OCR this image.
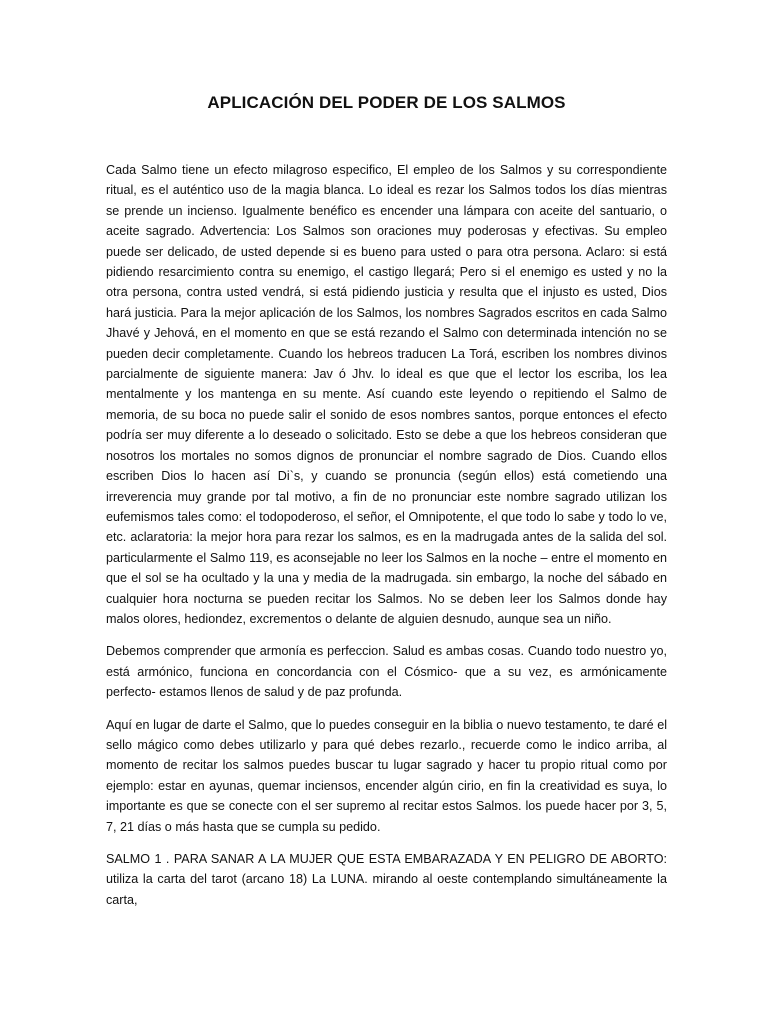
APLICACIÓN DEL PODER DE LOS SALMOS

Cada Salmo tiene un efecto milagroso especifico, El empleo de los Salmos y su correspondiente ritual, es el auténtico uso de la magia blanca. Lo ideal es rezar los Salmos todos los días mientras se prende un incienso. Igualmente benéfico es encender una lámpara con aceite del santuario, o aceite sagrado. Advertencia: Los Salmos son oraciones muy poderosas y efectivas. Su empleo puede ser delicado, de usted depende si es bueno para usted o para otra persona. Aclaro: si está pidiendo resarcimiento contra su enemigo, el castigo llegará; Pero si el enemigo es usted y no la otra persona, contra usted vendrá, si está pidiendo justicia y resulta que el injusto es usted, Dios hará justicia. Para la mejor aplicación de los Salmos, los nombres Sagrados escritos en cada Salmo Jhavé y Jehová, en el momento en que se está rezando el Salmo con determinada intención no se pueden decir completamente. Cuando los hebreos traducen La Torá, escriben los nombres divinos parcialmente de siguiente manera: Jav ó Jhv. lo ideal es que que el lector los escriba, los lea mentalmente y los mantenga en su mente. Así cuando este leyendo o repitiendo el Salmo de memoria, de su boca no puede salir el sonido de esos nombres santos, porque entonces el efecto podría ser muy diferente a lo deseado o solicitado. Esto se debe a que los hebreos consideran que nosotros los mortales no somos dignos de pronunciar el nombre sagrado de Dios. Cuando ellos escriben Dios lo hacen así Di`s, y cuando se pronuncia (según ellos) está cometiendo una irreverencia muy grande por tal motivo, a fin de no pronunciar este nombre sagrado utilizan los eufemismos tales como: el todopoderoso, el señor, el Omnipotente, el que todo lo sabe y todo lo ve, etc. aclaratoria: la mejor hora para rezar los salmos, es en la madrugada antes de la salida del sol. particularmente el Salmo 119, es aconsejable no leer los Salmos en la noche – entre el momento en que el sol se ha ocultado y la una y media de la madrugada. sin embargo, la noche del sábado en cualquier hora nocturna se pueden recitar los Salmos. No se deben leer los Salmos donde hay malos olores, hediondez, excrementos o delante de alguien desnudo, aunque sea un niño.

Debemos comprender que armonía es perfeccion. Salud es ambas cosas. Cuando todo nuestro yo, está armónico, funciona en concordancia con el Cósmico- que a su vez, es armónicamente perfecto- estamos llenos de salud y de paz profunda.

Aquí en lugar de darte el Salmo, que lo puedes conseguir en la biblia o nuevo testamento, te daré el sello mágico como debes utilizarlo y para qué debes rezarlo., recuerde como le indico arriba, al momento de recitar los salmos puedes buscar tu lugar sagrado y hacer tu propio ritual como por ejemplo: estar en ayunas, quemar inciensos, encender algún cirio, en fin la creatividad es suya, lo importante es que se conecte con el ser supremo al recitar estos Salmos. los puede hacer por 3, 5, 7, 21 días o más hasta que se cumpla su pedido.

SALMO 1 . PARA SANAR A LA MUJER QUE ESTA EMBARAZADA Y EN PELIGRO DE ABORTO: utiliza la carta del tarot (arcano 18) La LUNA. mirando al oeste contemplando simultáneamente la carta,
